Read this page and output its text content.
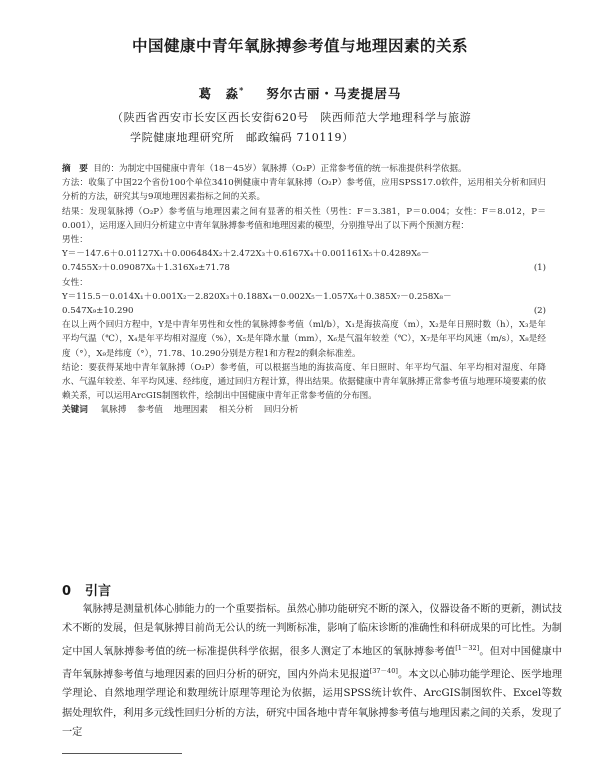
中国健康中青年氧脉搏参考值与地理因素的关系
葛　淼* 努尔古丽・马麦提居马
（陕西省西安市长安区西长安街620号　陕西师范大学地理科学与旅游
学院健康地理研究所　邮政编码 710119）

摘　要 目的：为制定中国健康中青年（18－45岁）氧脉搏（O₂P）正常参考值的统一标准提供科学依据。

方法：收集了中国22个省份100个单位3410例健康中青年氧脉搏（O₂P）参考值，应用SPSS17.0软件，运用相关分析和回归分析的方法，研究其与9项地理因素指标之间的关系。

结果：发现氧脉搏（O₂P）参考值与地理因素之间有显著的相关性（男性：F＝3.381，P＝0.004；女性：F＝8.012，P＝0.001），运用逐入回归分析建立中青年氧脉搏参考值和地理因素的模型，分别推导出了以下两个预测方程：

男性：

Y＝－147.6＋0.01127X₁＋0.006484X₂＋2.472X₃＋0.6167X₄＋0.001161X₅＋0.4289X₆－

0.7455X₇＋0.09087X₈＋1.316X₉±71.78	(1)

女性：

Y＝115.5－0.014X₁＋0.001X₂－2.820X₃＋0.188X₄－0.002X₅－1.057X₆＋0.385X₇－0.258X₈－

0.547X₉±10.290	(2)

在以上两个回归方程中，Y是中青年男性和女性的氧脉搏参考值（ml/b），X₁是海拔高度（m），X₂是年日照时数（h），X₃是年平均气温（℃），X₄是年平均相对湿度（%），X₅是年降水量（mm），X₆是气温年较差（℃），X₇是年平均风速（m/s），X₈是经度（°），X₉是纬度（°），71.78、10.290分别是方程1和方程2的剩余标准差。

结论：要获得某地中青年氧脉搏（O₂P）参考值，可以根据当地的海拔高度、年日照时、年平均气温、年平均相对湿度、年降水、气温年较差、年平均风速、经纬度，通过回归方程计算，得出结果。依据健康中青年氧脉搏正常参考值与地理环境要素的依赖关系，可以运用ArcGIS制图软件，绘制出中国健康中青年正常参考值的分布图。

关键词 氧脉搏 参考值 地理因素 相关分析 回归分析

0 引言

氧脉搏是测量机体心肺能力的一个重要指标。虽然心肺功能研究不断的深入，仪器设备不断的更新，测试技术不断的发展，但是氧脉搏目前尚无公认的统一判断标准，影响了临床诊断的准确性和科研成果的可比性。为制定中国人氧脉搏参考值的统一标准提供科学依据，很多人测定了本地区的氧脉搏参考值[1－32]。但对中国健康中青年氧脉搏参考值与地理因素的回归分析的研究，国内外尚未见报道[37－40]。本文以心肺功能学理论、医学地理学理论、自然地理学理论和数理统计原理等理论为依据，运用SPSS统计软件、ArcGIS制图软件、Excel等数据处理软件，利用多元线性回归分析的方法，研究中国各地中青年氧脉搏参考值与地理因素之间的关系，发现了一定
